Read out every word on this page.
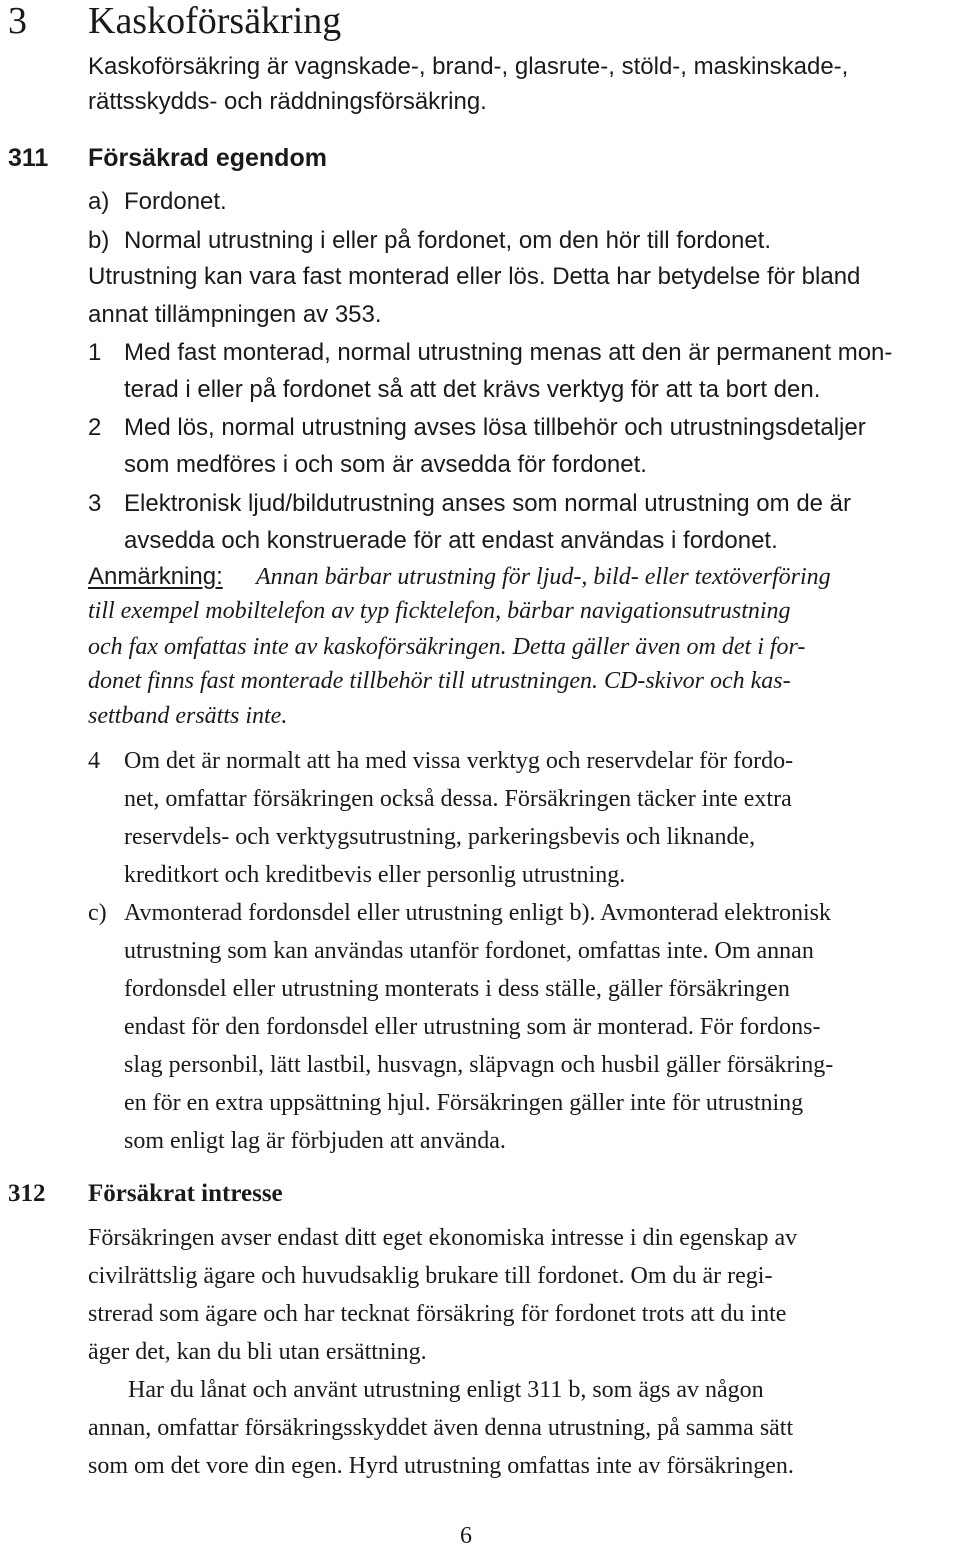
3 Kaskoförsäkring
Kaskoförsäkring är vagnskade-, brand-, glasrute-, stöld-, maskinskade-,
rättsskydds- och räddningsförsäkring.
311 Försäkrad egendom
a) Fordonet.
b) Normal utrustning i eller på fordonet, om den hör till fordonet.
Utrustning kan vara fast monterad eller lös. Detta har betydelse för bland
annat tillämpningen av 353.
1 Med fast monterad, normal utrustning menas att den är permanent mon-
terad i eller på fordonet så att det krävs verktyg för att ta bort den.
2 Med lös, normal utrustning avses lösa tillbehör och utrustningsdetaljer
som medföres i och som är avsedda för fordonet.
3 Elektronisk ljud/bildutrustning anses som normal utrustning om de är
avsedda och konstruerade för att endast användas i fordonet.
Anmärkning: Annan bärbar utrustning för ljud-, bild- eller textöverföring
till exempel mobiltelefon av typ ficktelefon, bärbar navigationsutrustning
och fax omfattas inte av kaskoförsäkringen. Detta gäller även om det i for-
donet finns fast monterade tillbehör till utrustningen. CD-skivor och kas-
settband ersätts inte.
4 Om det är normalt att ha med vissa verktyg och reservdelar för fordo-
net, omfattar försäkringen också dessa. Försäkringen täcker inte extra
reservdels- och verktygsutrustning, parkeringsbevis och liknande,
kreditkort och kreditbevis eller personlig utrustning.
c) Avmonterad fordonsdel eller utrustning enligt b). Avmonterad elektronisk
utrustning som kan användas utanför fordonet, omfattas inte. Om annan
fordonsdel eller utrustning monterats i dess ställe, gäller försäkringen
endast för den fordonsdel eller utrustning som är monterad. För fordons-
slag personbil, lätt lastbil, husvagn, släpvagn och husbil gäller försäkring-
en för en extra uppsättning hjul. Försäkringen gäller inte för utrustning
som enligt lag är förbjuden att använda.
312 Försäkrat intresse
Försäkringen avser endast ditt eget ekonomiska intresse i din egenskap av
civilrättslig ägare och huvudsaklig brukare till fordonet. Om du är regi-
strerad som ägare och har tecknat försäkring för fordonet trots att du inte
äger det, kan du bli utan ersättning.
Har du lånat och använt utrustning enligt 311 b, som ägs av någon
annan, omfattar försäkringsskyddet även denna utrustning, på samma sätt
som om det vore din egen. Hyrd utrustning omfattas inte av försäkringen.
6
